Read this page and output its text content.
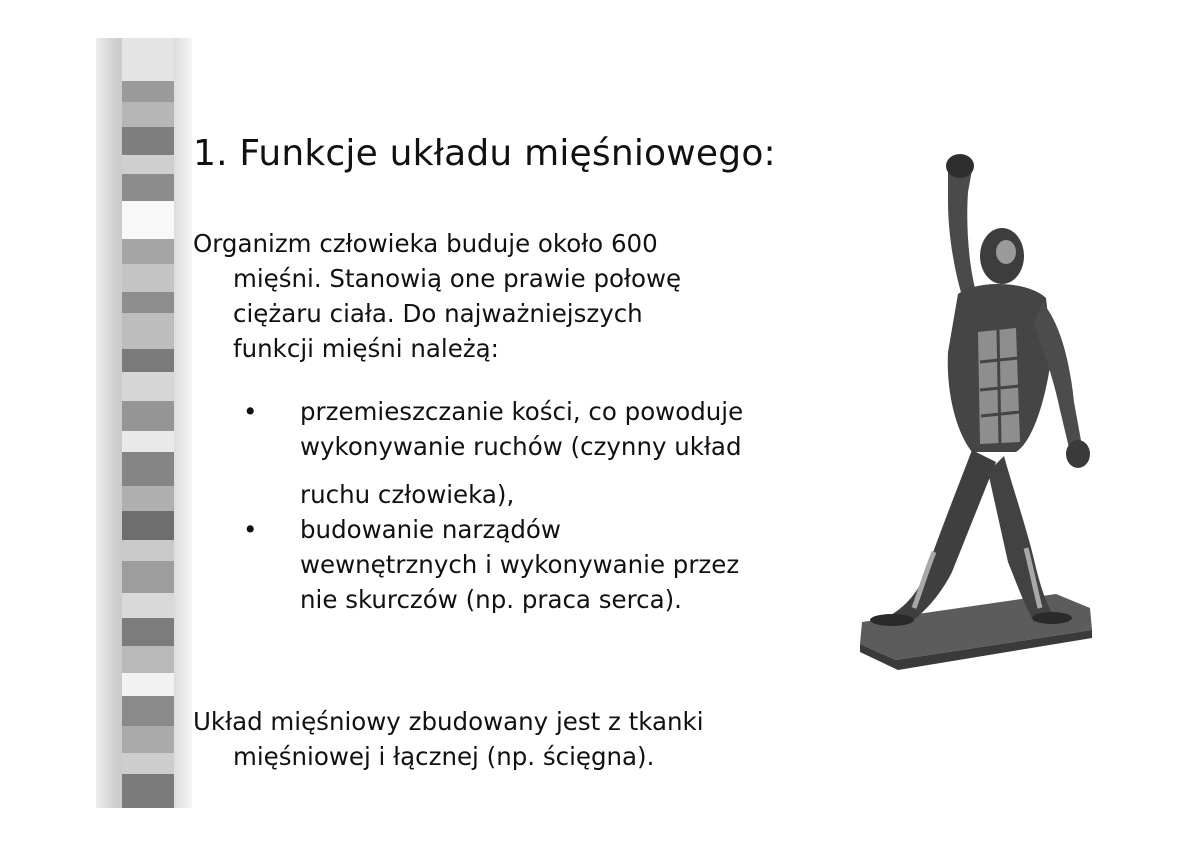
1. Funkcje układu mięśniowego:
Organizm człowieka buduje około 600
mięśni. Stanowią one prawie połowę
ciężaru ciała. Do najważniejszych
funkcji mięśni należą:
• przemieszczanie kości, co powoduje
wykonywanie ruchów (czynny układ
ruchu człowieka),
• budowanie narządów
wewnętrznych i wykonywanie przez
nie skurczów (np. praca serca).
Układ mięśniowy zbudowany jest z tkanki
mięśniowej i łącznej (np. ścięgna).
